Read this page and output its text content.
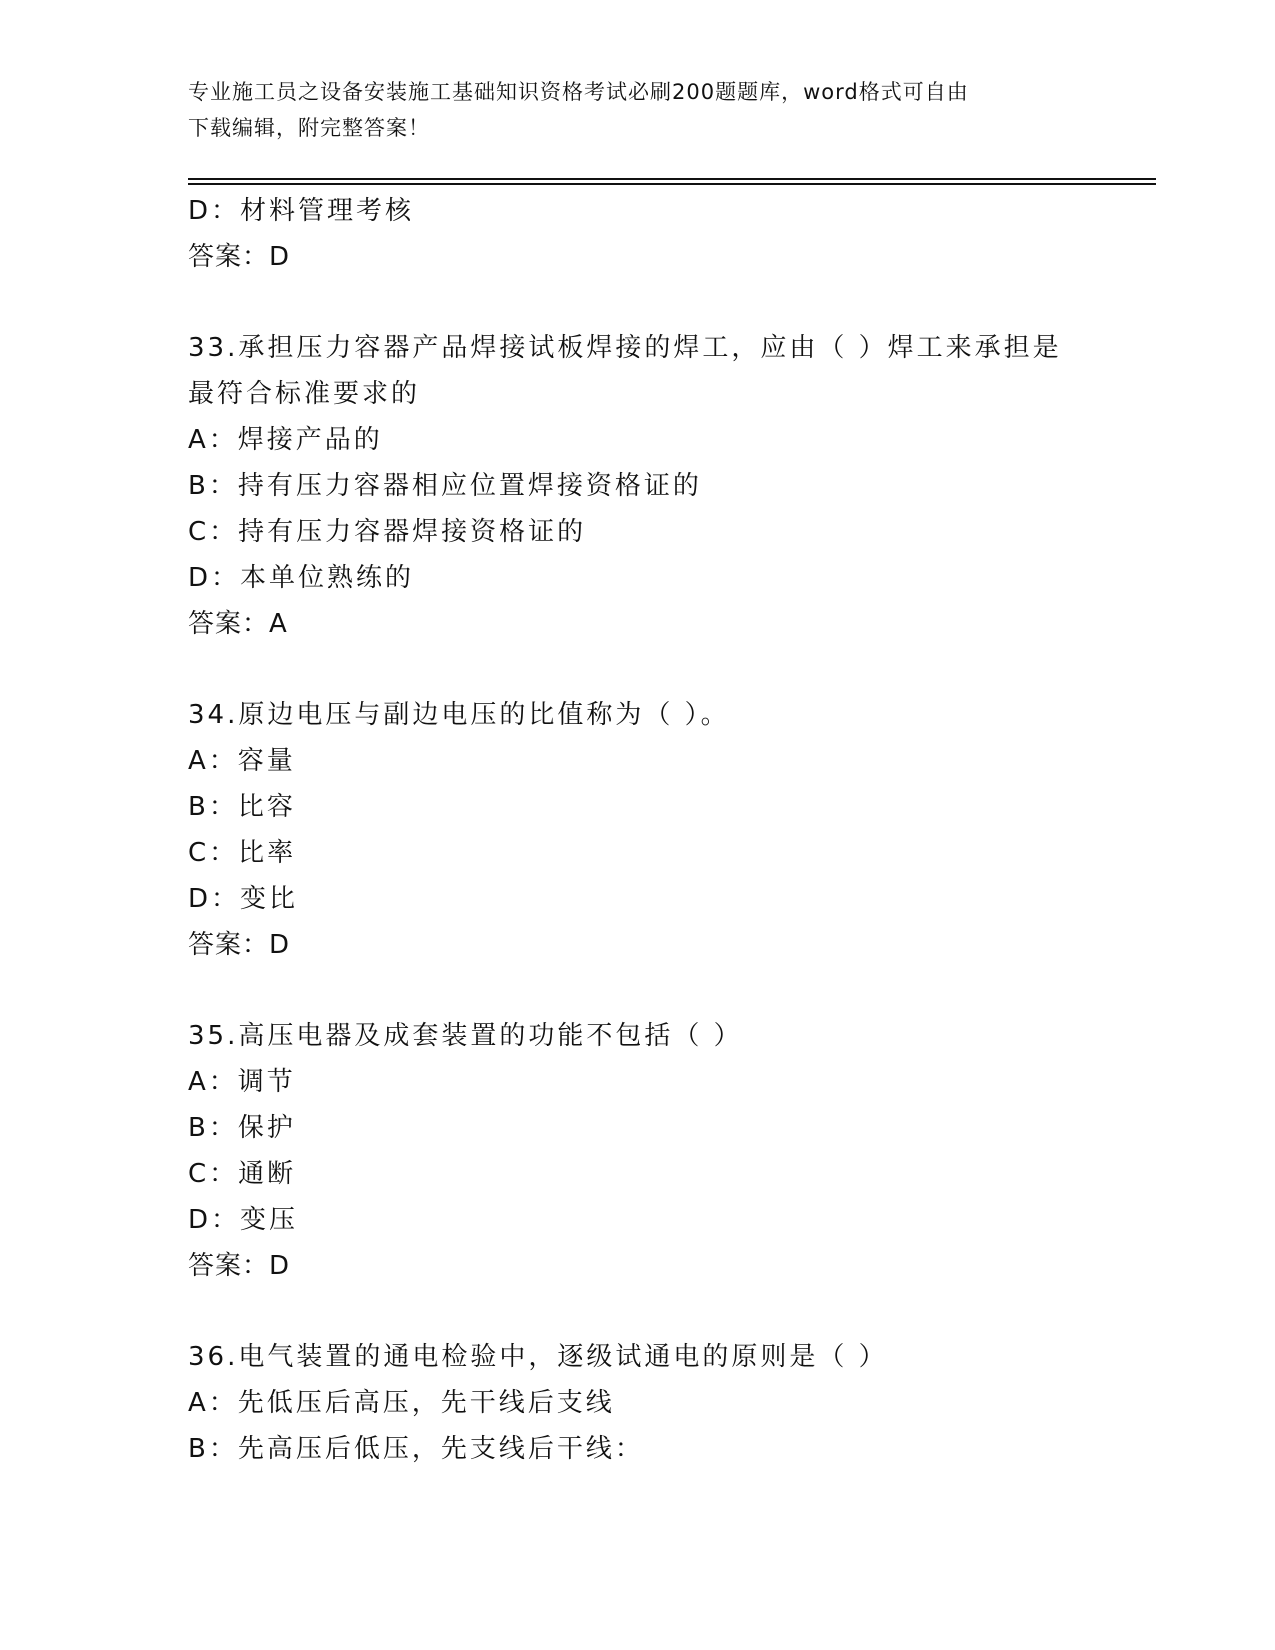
专业施工员之设备安装施工基础知识资格考试必刷200题题库，word格式可自由
下载编辑，附完整答案！
D：材料管理考核
答案：D
33.承担压力容器产品焊接试板焊接的焊工，应由（ ）焊工来承担是
最符合标准要求的
A：焊接产品的
B：持有压力容器相应位置焊接资格证的
C：持有压力容器焊接资格证的
D：本单位熟练的
答案：A
34.原边电压与副边电压的比值称为（ ）。
A：容量
B：比容
C：比率
D：变比
答案：D
35.高压电器及成套装置的功能不包括（ ）
A：调节
B：保护
C：通断
D：变压
答案：D
36.电气装置的通电检验中，逐级试通电的原则是（ ）
A：先低压后高压，先干线后支线
B：先高压后低压，先支线后干线：
